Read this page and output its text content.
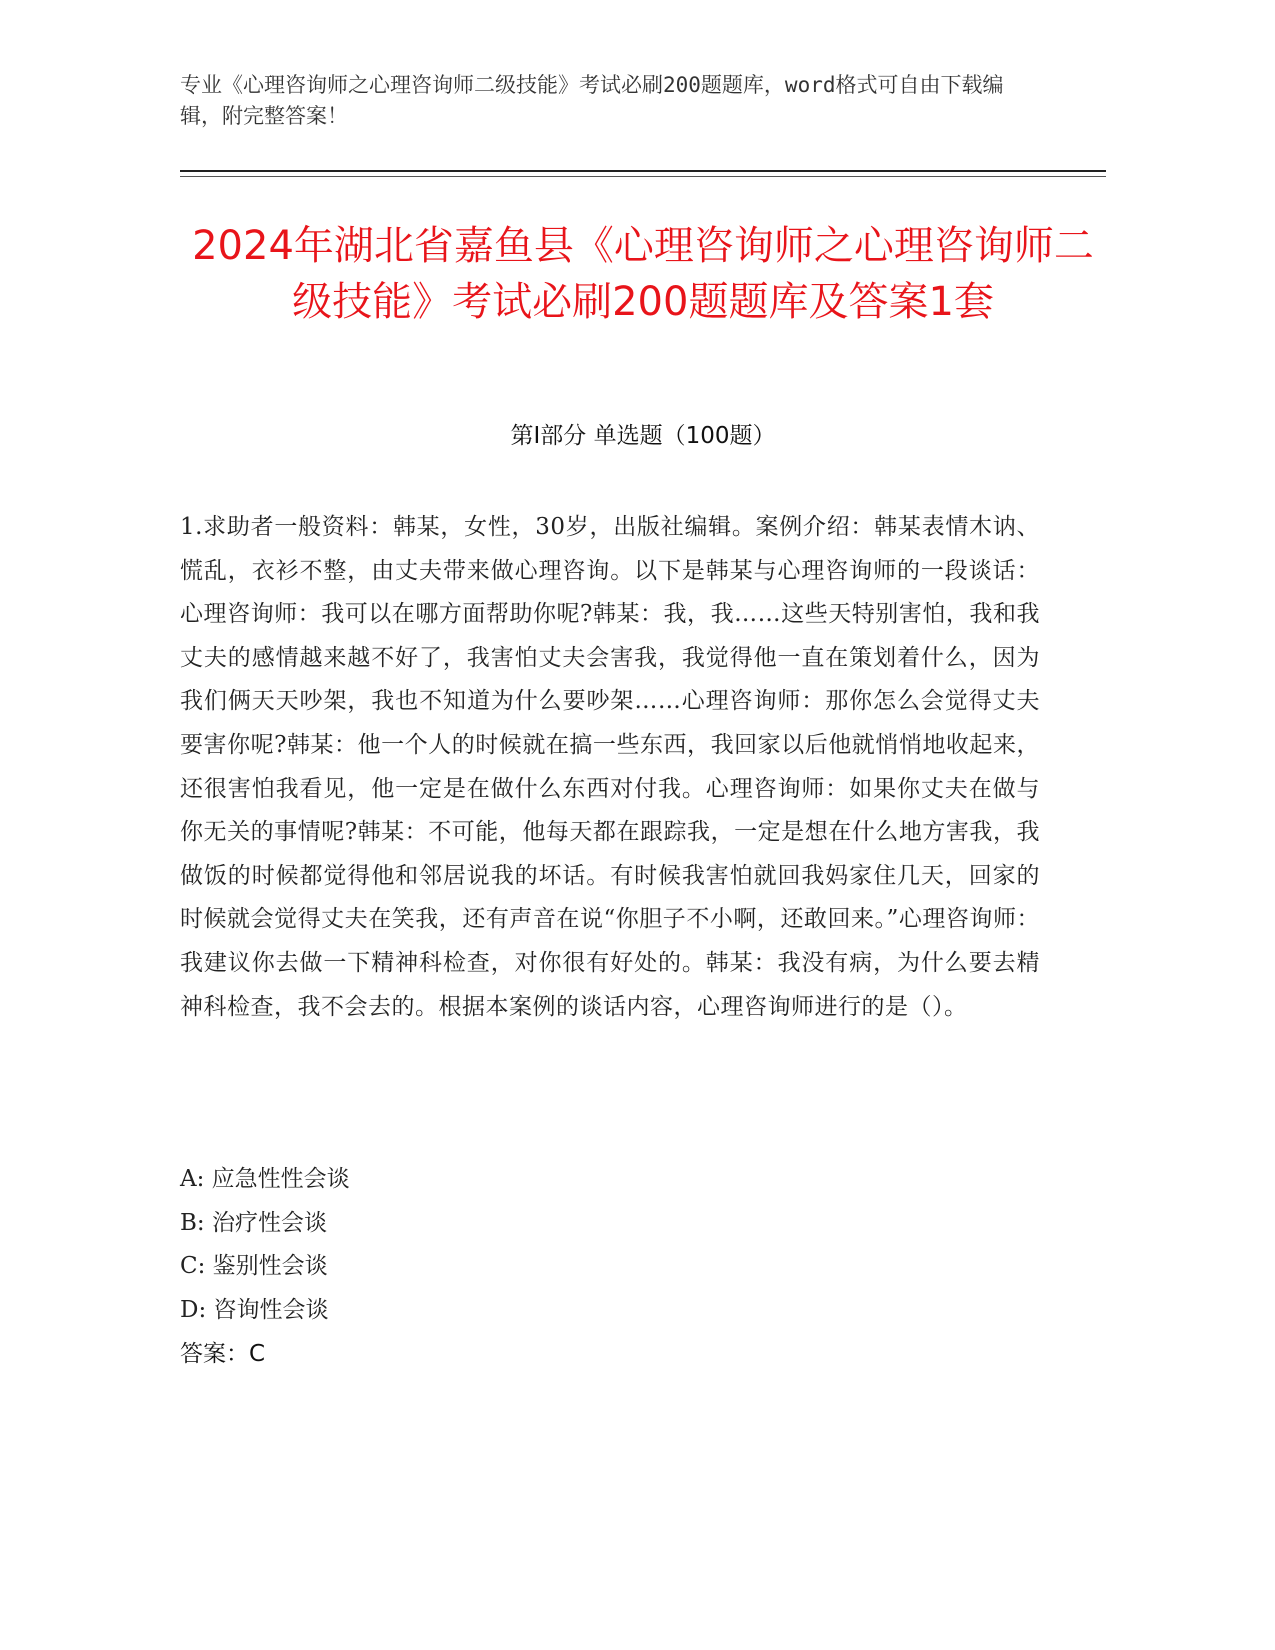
专业《心理咨询师之心理咨询师二级技能》考试必刷200题题库，word格式可自由下载编辑，附完整答案！
2024年湖北省嘉鱼县《心理咨询师之心理咨询师二级技能》考试必刷200题题库及答案1套
第Ⅰ部分 单选题（100题）
1.求助者一般资料：韩某，女性，30岁，出版社编辑。案例介绍：韩某表情木讷、慌乱，衣衫不整，由丈夫带来做心理咨询。以下是韩某与心理咨询师的一段谈话：心理咨询师：我可以在哪方面帮助你呢?韩某：我，我……这些天特别害怕，我和我丈夫的感情越来越不好了，我害怕丈夫会害我，我觉得他一直在策划着什么，因为我们俩天天吵架，我也不知道为什么要吵架……心理咨询师：那你怎么会觉得丈夫要害你呢?韩某：他一个人的时候就在搞一些东西，我回家以后他就悄悄地收起来，还很害怕我看见，他一定是在做什么东西对付我。心理咨询师：如果你丈夫在做与你无关的事情呢?韩某：不可能，他每天都在跟踪我，一定是想在什么地方害我，我做饭的时候都觉得他和邻居说我的坏话。有时候我害怕就回我妈家住几天，回家的时候就会觉得丈夫在笑我，还有声音在说“你胆子不小啊，还敢回来。”心理咨询师：我建议你去做一下精神科检查，对你很有好处的。韩某：我没有病，为什么要去精神科检查，我不会去的。根据本案例的谈话内容，心理咨询师进行的是（）。
A: 应急性性会谈
B: 治疗性会谈
C: 鉴别性会谈
D: 咨询性会谈
答案：C
